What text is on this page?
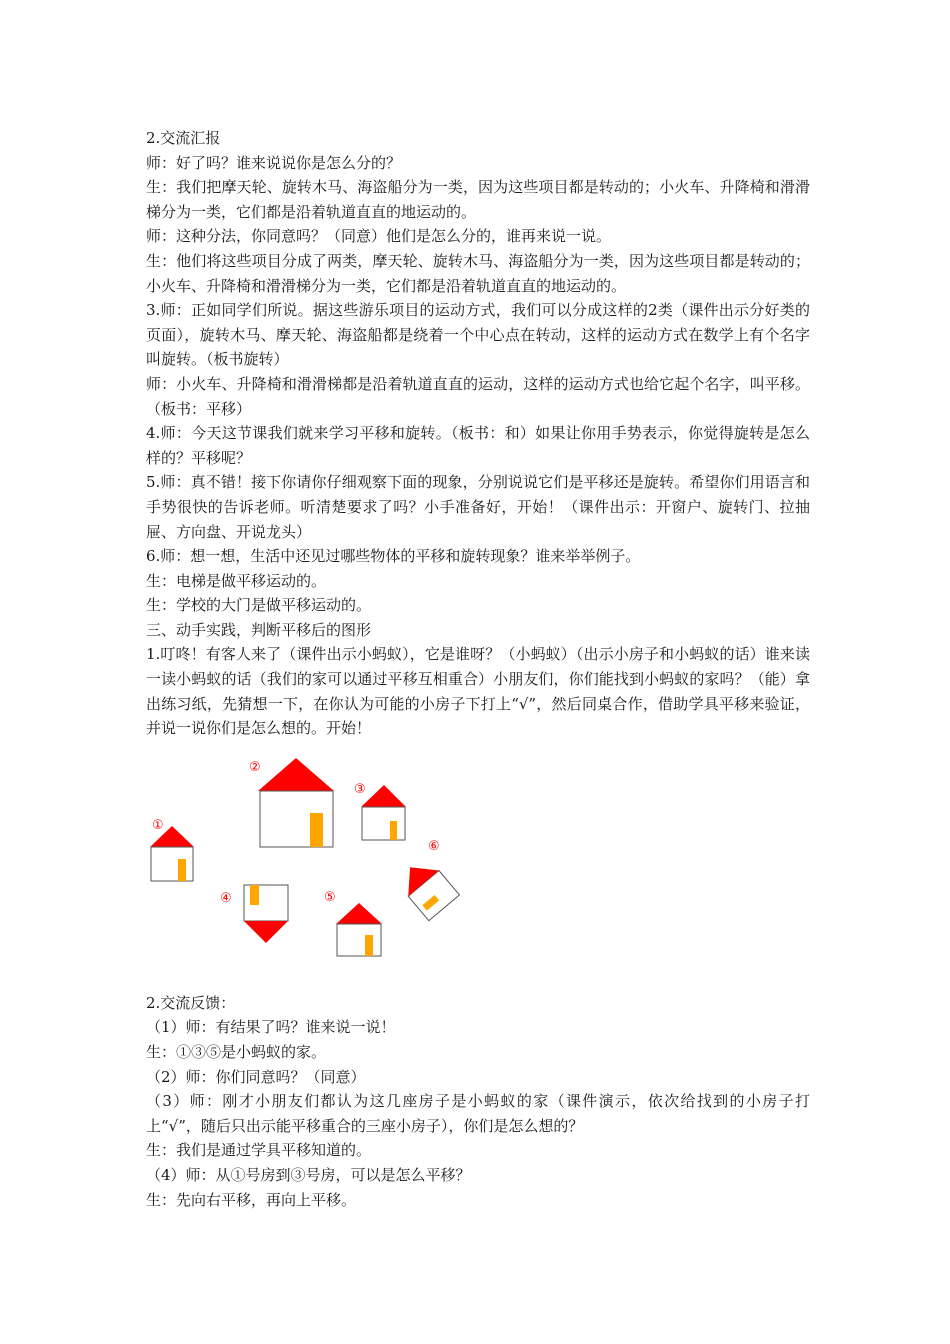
2.交流汇报

师：好了吗？谁来说说你是怎么分的？

生：我们把摩天轮、旋转木马、海盗船分为一类，因为这些项目都是转动的；小火车、升降椅和滑滑梯分为一类，它们都是沿着轨道直直的地运动的。

师：这种分法，你同意吗？（同意）他们是怎么分的，谁再来说一说。

生：他们将这些项目分成了两类，摩天轮、旋转木马、海盗船分为一类，因为这些项目都是转动的；小火车、升降椅和滑滑梯分为一类，它们都是沿着轨道直直的地运动的。

3.师：正如同学们所说。据这些游乐项目的运动方式，我们可以分成这样的2类（课件出示分好类的页面），旋转木马、摩天轮、海盗船都是绕着一个中心点在转动，这样的运动方式在数学上有个名字叫旋转。（板书旋转）

师：小火车、升降椅和滑滑梯都是沿着轨道直直的运动，这样的运动方式也给它起个名字，叫平移。（板书：平移）

4.师：今天这节课我们就来学习平移和旋转。（板书：和）如果让你用手势表示，你觉得旋转是怎么样的？平移呢？

5.师：真不错！接下你请你仔细观察下面的现象，分别说说它们是平移还是旋转。希望你们用语言和手势很快的告诉老师。听清楚要求了吗？小手准备好，开始！（课件出示：开窗户、旋转门、拉抽屉、方向盘、开说龙头）

6.师：想一想，生活中还见过哪些物体的平移和旋转现象？谁来举举例子。

生：电梯是做平移运动的。

生：学校的大门是做平移运动的。

三、动手实践，判断平移后的图形

1.叮咚！有客人来了（课件出示小蚂蚁），它是谁呀？（小蚂蚁）（出示小房子和小蚂蚁的话）谁来读一读小蚂蚁的话（我们的家可以通过平移互相重合）小朋友们，你们能找到小蚂蚁的家吗？（能）拿出练习纸，先猜想一下，在你认为可能的小房子下打上“√”，然后同桌合作，借助学具平移来验证，并说一说你们是怎么想的。开始！

①
②
③
④	⑤
⑥

2.交流反馈：

（1）师：有结果了吗？谁来说一说！

生：①③⑤是小蚂蚁的家。

（2）师：你们同意吗？（同意）

（3）师：刚才小朋友们都认为这几座房子是小蚂蚁的家（课件演示，依次给找到的小房子打上“√”，随后只出示能平移重合的三座小房子），你们是怎么想的？

生：我们是通过学具平移知道的。

（4）师：从①号房到③号房，可以是怎么平移？

生：先向右平移，再向上平移。
